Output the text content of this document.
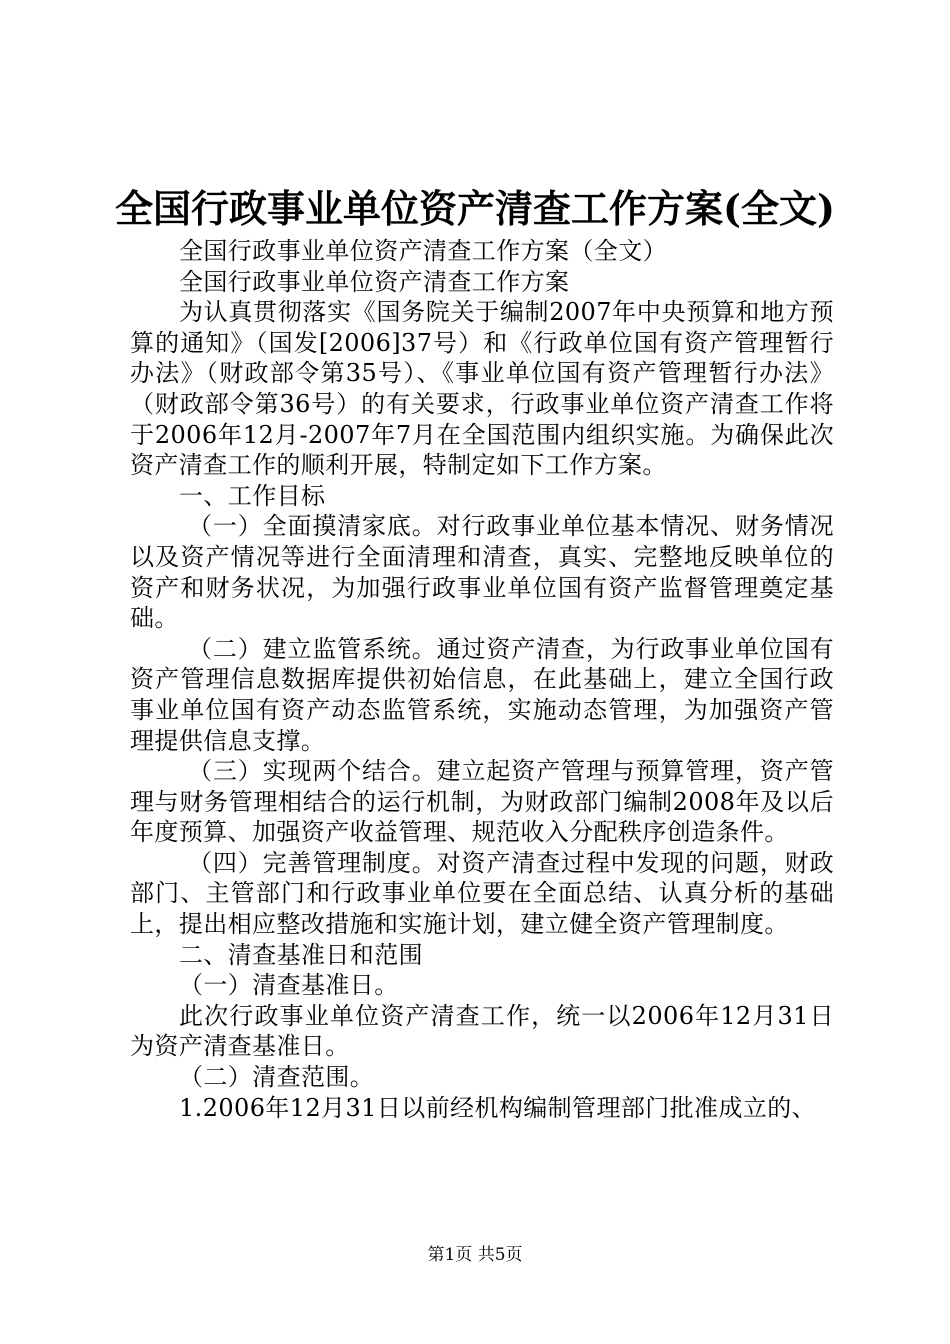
全国行政事业单位资产清查工作方案(全文)

全国行政事业单位资产清查工作方案（全文）

全国行政事业单位资产清查工作方案

为认真贯彻落实《国务院关于编制2007年中央预算和地方预算的通知》（国发[2006]37号）和《行政单位国有资产管理暂行办法》（财政部令第35号）、《事业单位国有资产管理暂行办法》（财政部令第36号）的有关要求，行政事业单位资产清查工作将于2006年12月-2007年7月在全国范围内组织实施。为确保此次资产清查工作的顺利开展，特制定如下工作方案。

一、工作目标

（一）全面摸清家底。对行政事业单位基本情况、财务情况以及资产情况等进行全面清理和清查，真实、完整地反映单位的资产和财务状况，为加强行政事业单位国有资产监督管理奠定基础。

（二）建立监管系统。通过资产清查，为行政事业单位国有资产管理信息数据库提供初始信息，在此基础上，建立全国行政事业单位国有资产动态监管系统，实施动态管理，为加强资产管理提供信息支撑。

（三）实现两个结合。建立起资产管理与预算管理，资产管理与财务管理相结合的运行机制，为财政部门编制2008年及以后年度预算、加强资产收益管理、规范收入分配秩序创造条件。

（四）完善管理制度。对资产清查过程中发现的问题，财政部门、主管部门和行政事业单位要在全面总结、认真分析的基础上，提出相应整改措施和实施计划，建立健全资产管理制度。

二、清查基准日和范围

（一）清查基准日。

此次行政事业单位资产清查工作，统一以2006年12月31日为资产清查基准日。

（二）清查范围。

1.2006年12月31日以前经机构编制管理部门批准成立的、

第1页 共5页
